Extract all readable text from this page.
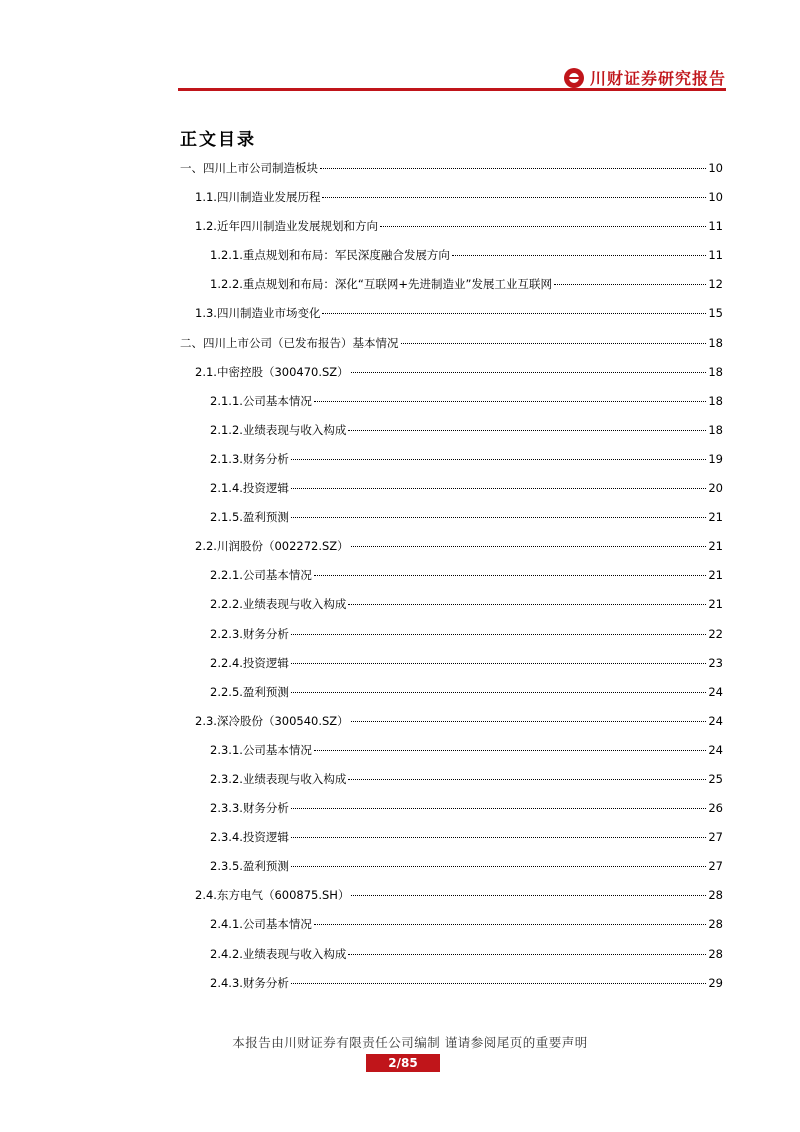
川财证券研究报告
正文目录
一、四川上市公司制造板块	10
1.1.四川制造业发展历程	10
1.2.近年四川制造业发展规划和方向	11
1.2.1.重点规划和布局：军民深度融合发展方向	11
1.2.2.重点规划和布局：深化“互联网+先进制造业”发展工业互联网	12
1.3.四川制造业市场变化	15
二、四川上市公司（已发布报告）基本情况	18
2.1.中密控股（300470.SZ）	18
2.1.1.公司基本情况	18
2.1.2.业绩表现与收入构成	18
2.1.3.财务分析	19
2.1.4.投资逻辑	20
2.1.5.盈利预测	21
2.2.川润股份（002272.SZ）	21
2.2.1.公司基本情况	21
2.2.2.业绩表现与收入构成	21
2.2.3.财务分析	22
2.2.4.投资逻辑	23
2.2.5.盈利预测	24
2.3.深冷股份（300540.SZ）	24
2.3.1.公司基本情况	24
2.3.2.业绩表现与收入构成	25
2.3.3.财务分析	26
2.3.4.投资逻辑	27
2.3.5.盈利预测	27
2.4.东方电气（600875.SH）	28
2.4.1.公司基本情况	28
2.4.2.业绩表现与收入构成	28
2.4.3.财务分析	29
本报告由川财证券有限责任公司编制 谨请参阅尾页的重要声明
2/85
